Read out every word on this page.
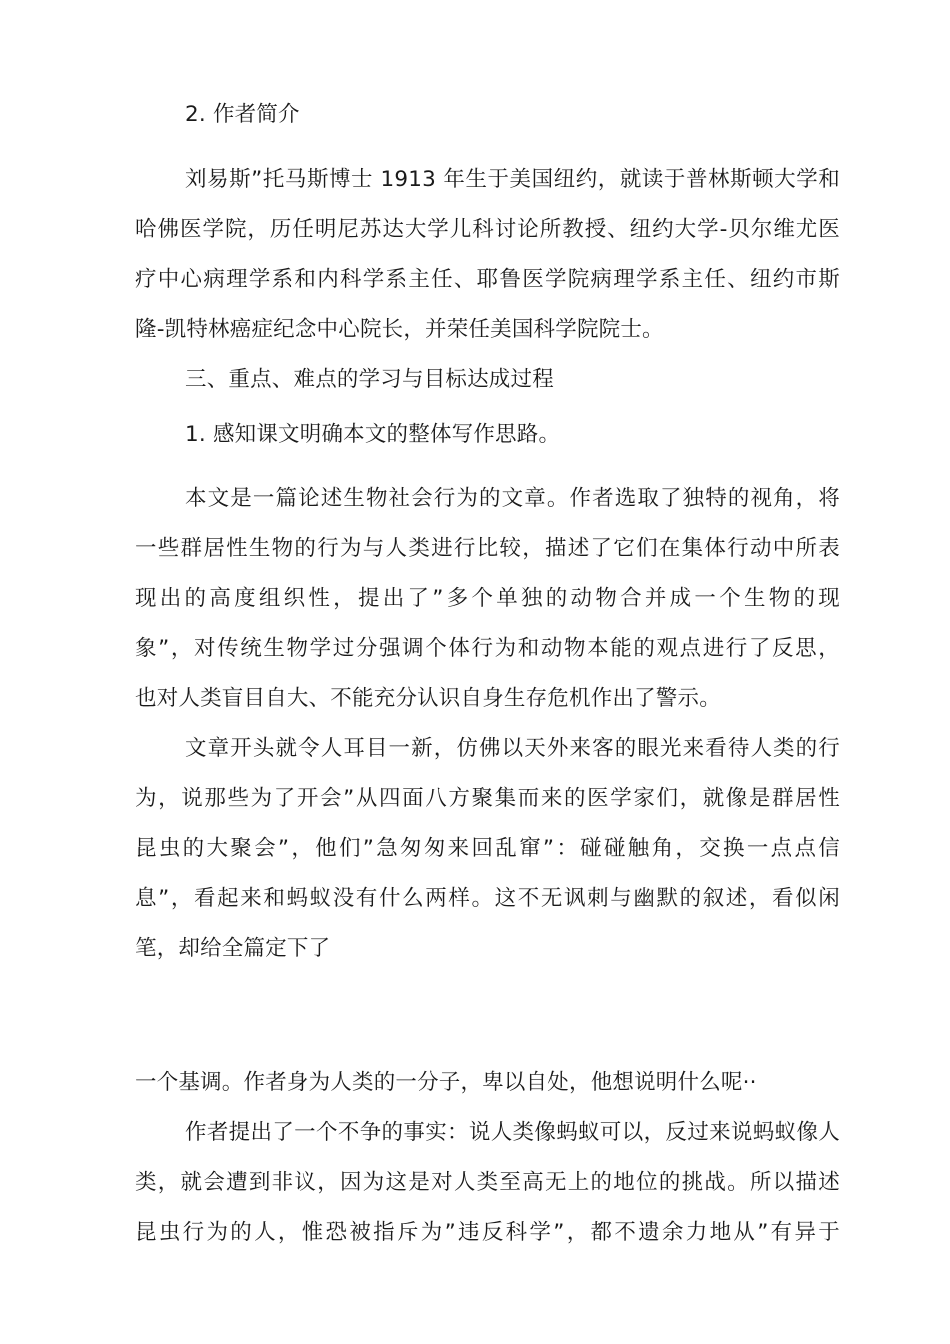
2. 作者简介
刘易斯”托马斯博士 1913 年生于美国纽约，就读于普林斯顿大学和
哈佛医学院，历任明尼苏达大学儿科讨论所教授、纽约大学-贝尔维尤医
疗中心病理学系和内科学系主任、耶鲁医学院病理学系主任、纽约市斯
隆-凯特林癌症纪念中心院长，并荣任美国科学院院士。
三、重点、难点的学习与目标达成过程
1. 感知课文明确本文的整体写作思路。
本文是一篇论述生物社会行为的文章。作者选取了独特的视角，将
一些群居性生物的行为与人类进行比较，描述了它们在集体行动中所表
现出的高度组织性，提出了”多个单独的动物合并成一个生物的现
象”，对传统生物学过分强调个体行为和动物本能的观点进行了反思，
也对人类盲目自大、不能充分认识自身生存危机作出了警示。
文章开头就令人耳目一新，仿佛以天外来客的眼光来看待人类的行
为，说那些为了开会”从四面八方聚集而来的医学家们，就像是群居性
昆虫的大聚会”，他们”急匆匆来回乱窜”：碰碰触角，交换一点点信
息”，看起来和蚂蚁没有什么两样。这不无讽刺与幽默的叙述，看似闲
笔，却给全篇定下了
一个基调。作者身为人类的一分子，卑以自处，他想说明什么呢··
作者提出了一个不争的事实：说人类像蚂蚁可以，反过来说蚂蚁像人
类，就会遭到非议，因为这是对人类至高无上的地位的挑战。所以描述
昆虫行为的人，惟恐被指斥为”违反科学”，都不遗余力地从”有异于
